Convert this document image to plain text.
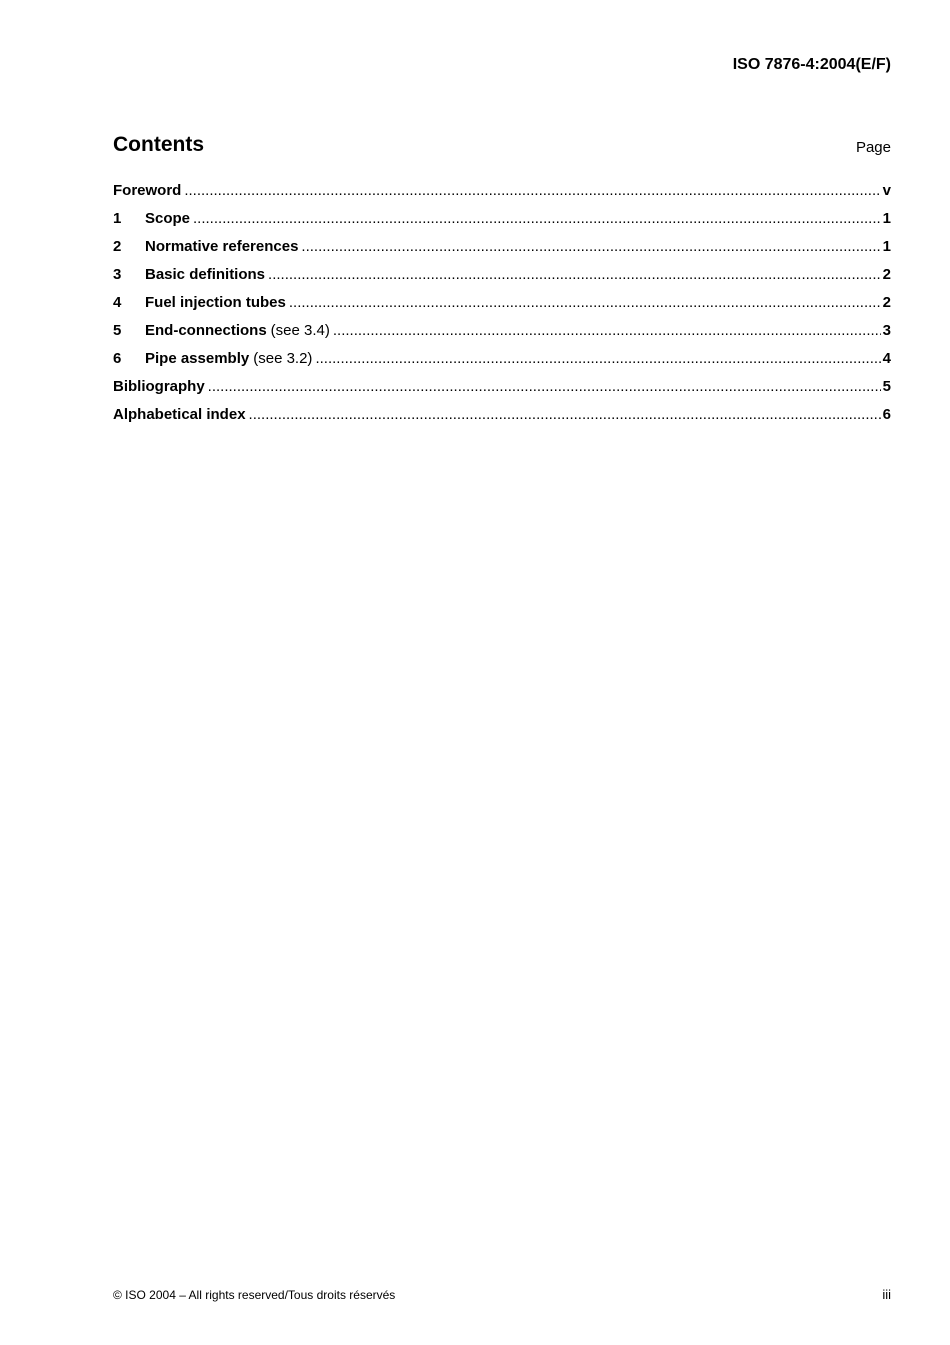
ISO 7876-4:2004(E/F)
Contents	Page
Foreword .....	v
1	Scope .....	1
2	Normative references .....	1
3	Basic definitions .....	2
4	Fuel injection tubes .....	2
5	End-connections (see 3.4) .....	3
6	Pipe assembly (see 3.2) .....	4
Bibliography .....	5
Alphabetical index .....	6
© ISO 2004 – All rights reserved/Tous droits réservés	iii
